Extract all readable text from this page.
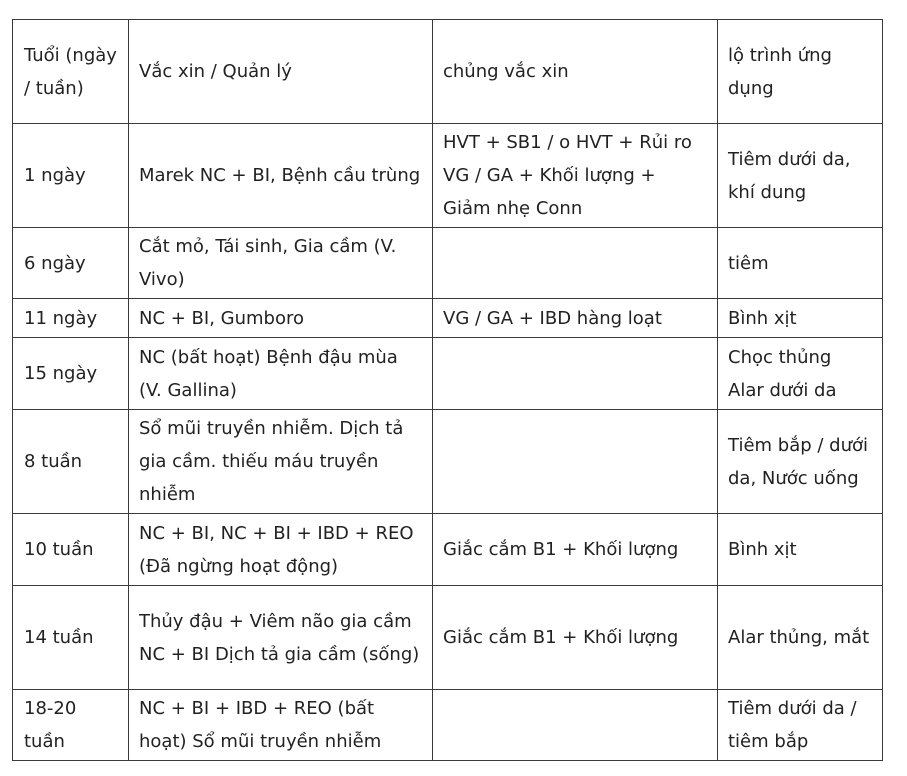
Tuổi (ngày / tuần)	Vắc xin / Quản lý	chủng vắc xin	lộ trình ứng dụng
1 ngày	Marek NC + BI, Bệnh cầu trùng	HVT + SB1 / o HVT + Rủi ro VG / GA + Khối lượng + Giảm nhẹ Conn	Tiêm dưới da, khí dung
6 ngày	Cắt mỏ, Tái sinh, Gia cầm (V. Vivo)		tiêm
11 ngày	NC + BI, Gumboro	VG / GA + IBD hàng loạt	Bình xịt
15 ngày	NC (bất hoạt) Bệnh đậu mùa (V. Gallina)		Chọc thủng Alar dưới da
8 tuần	Sổ mũi truyền nhiễm. Dịch tả gia cầm. thiếu máu truyền nhiễm		Tiêm bắp / dưới da, Nước uống
10 tuần	NC + BI, NC + BI + IBD + REO (Đã ngừng hoạt động)	Giắc cắm B1 + Khối lượng	Bình xịt
14 tuần	Thủy đậu + Viêm não gia cầm NC + BI Dịch tả gia cầm (sống)	Giắc cắm B1 + Khối lượng	Alar thủng, mắt
18-20 tuần	NC + BI + IBD + REO (bất hoạt) Sổ mũi truyền nhiễm		Tiêm dưới da / tiêm bắp
